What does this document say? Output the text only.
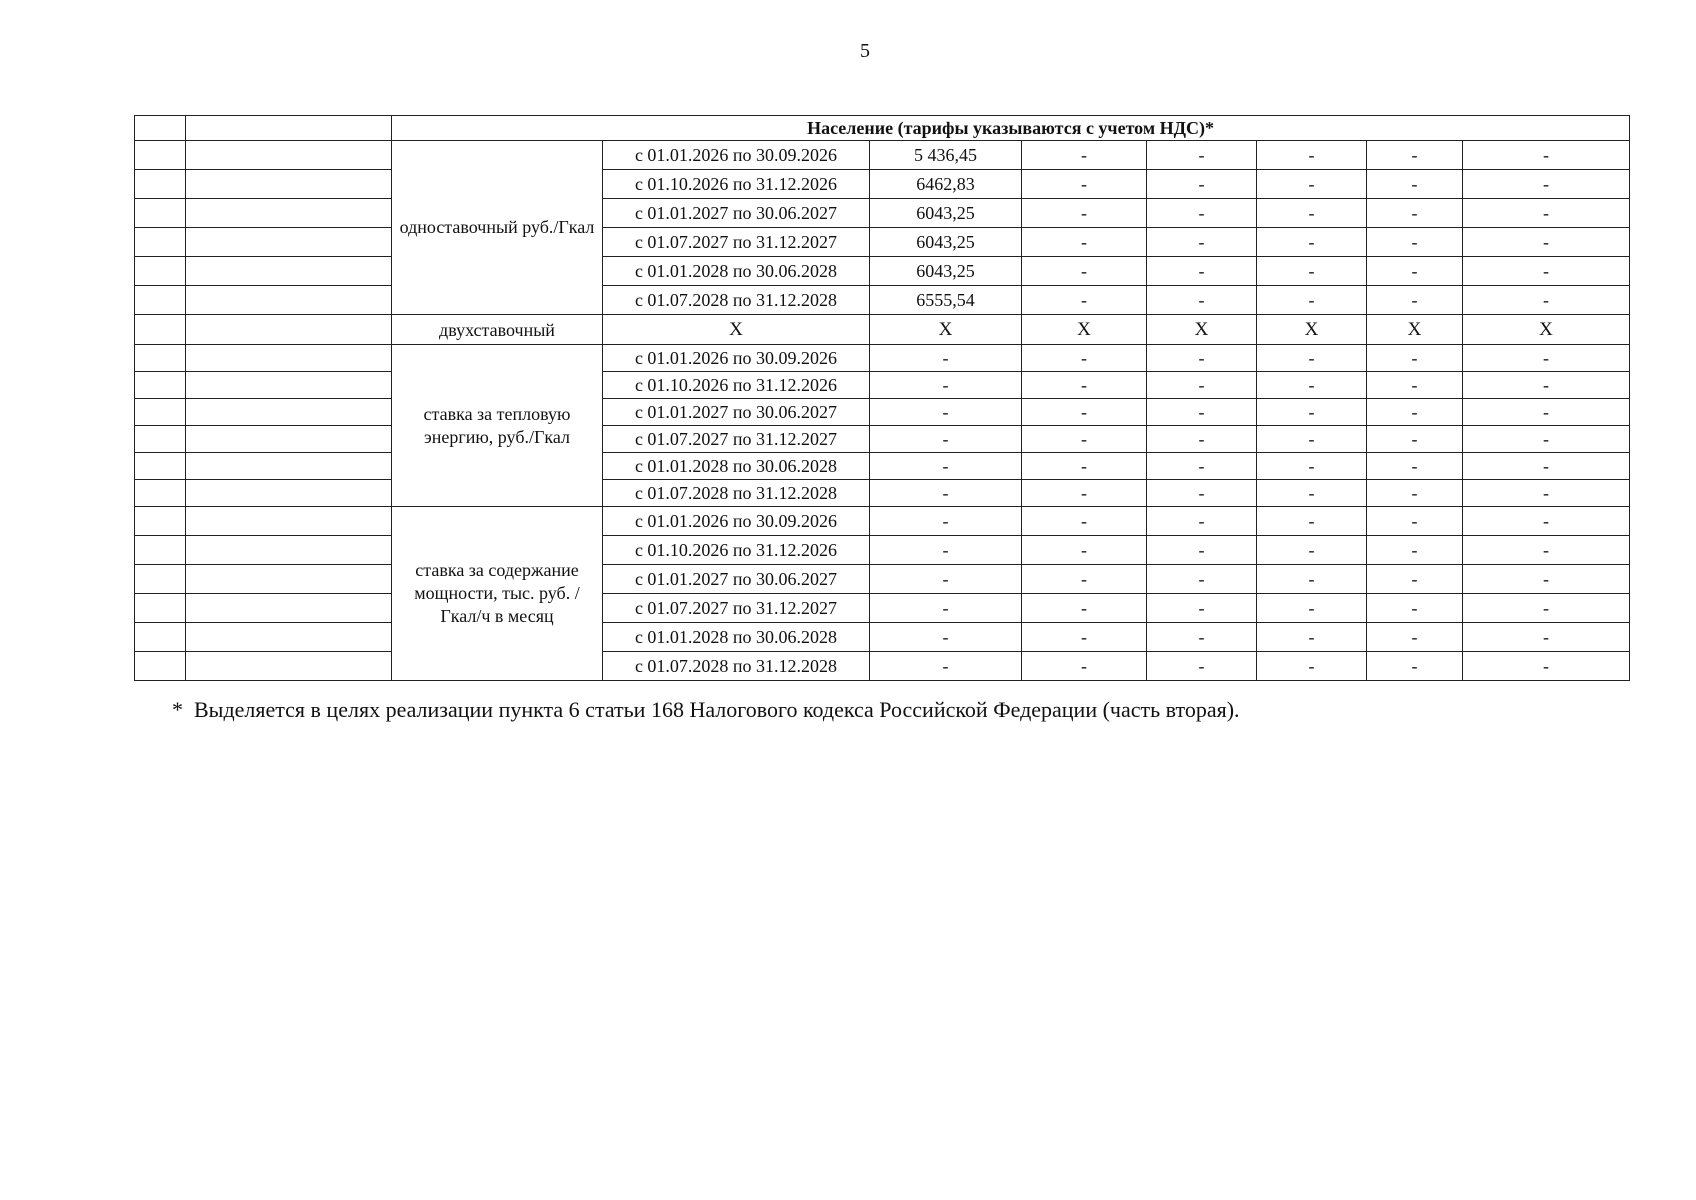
5
		Население (тарифы указываются с учетом НДС)*								
		одноставочный руб./Гкал	с 01.01.2026 по 30.09.2026	5 436,45	-	-	-	-	-	
			с 01.10.2026 по 31.12.2026	6462,83	-	-	-	-	-	
			с 01.01.2027 по 30.06.2027	6043,25	-	-	-	-	-	
			с 01.07.2027 по 31.12.2027	6043,25	-	-	-	-	-	
			с 01.01.2028 по 30.06.2028	6043,25	-	-	-	-	-	
			с 01.07.2028 по 31.12.2028	6555,54	-	-	-	-	-	
		двухставочный	X	X	X	X	X	X	X	
		ставка за тепловую энергию, руб./Гкал	с 01.01.2026 по 30.09.2026	-	-	-	-	-	-	
			с 01.10.2026 по 31.12.2026	-	-	-	-	-	-	
			с 01.01.2027 по 30.06.2027	-	-	-	-	-	-	
			с 01.07.2027 по 31.12.2027	-	-	-	-	-	-	
			с 01.01.2028 по 30.06.2028	-	-	-	-	-	-	
			с 01.07.2028 по 31.12.2028	-	-	-	-	-	-	
		ставка за содержание мощности, тыс. руб. /Гкал/ч в месяц	с 01.01.2026 по 30.09.2026	-	-	-	-	-	-	
			с 01.10.2026 по 31.12.2026	-	-	-	-	-	-	
			с 01.01.2027 по 30.06.2027	-	-	-	-	-	-	
			с 01.07.2027 по 31.12.2027	-	-	-	-	-	-	
			с 01.01.2028 по 30.06.2028	-	-	-	-	-	-	
			с 01.07.2028 по 31.12.2028	-	-	-	-	-	-	
* Выделяется в целях реализации пункта 6 статьи 168 Налогового кодекса Российской Федерации (часть вторая).
